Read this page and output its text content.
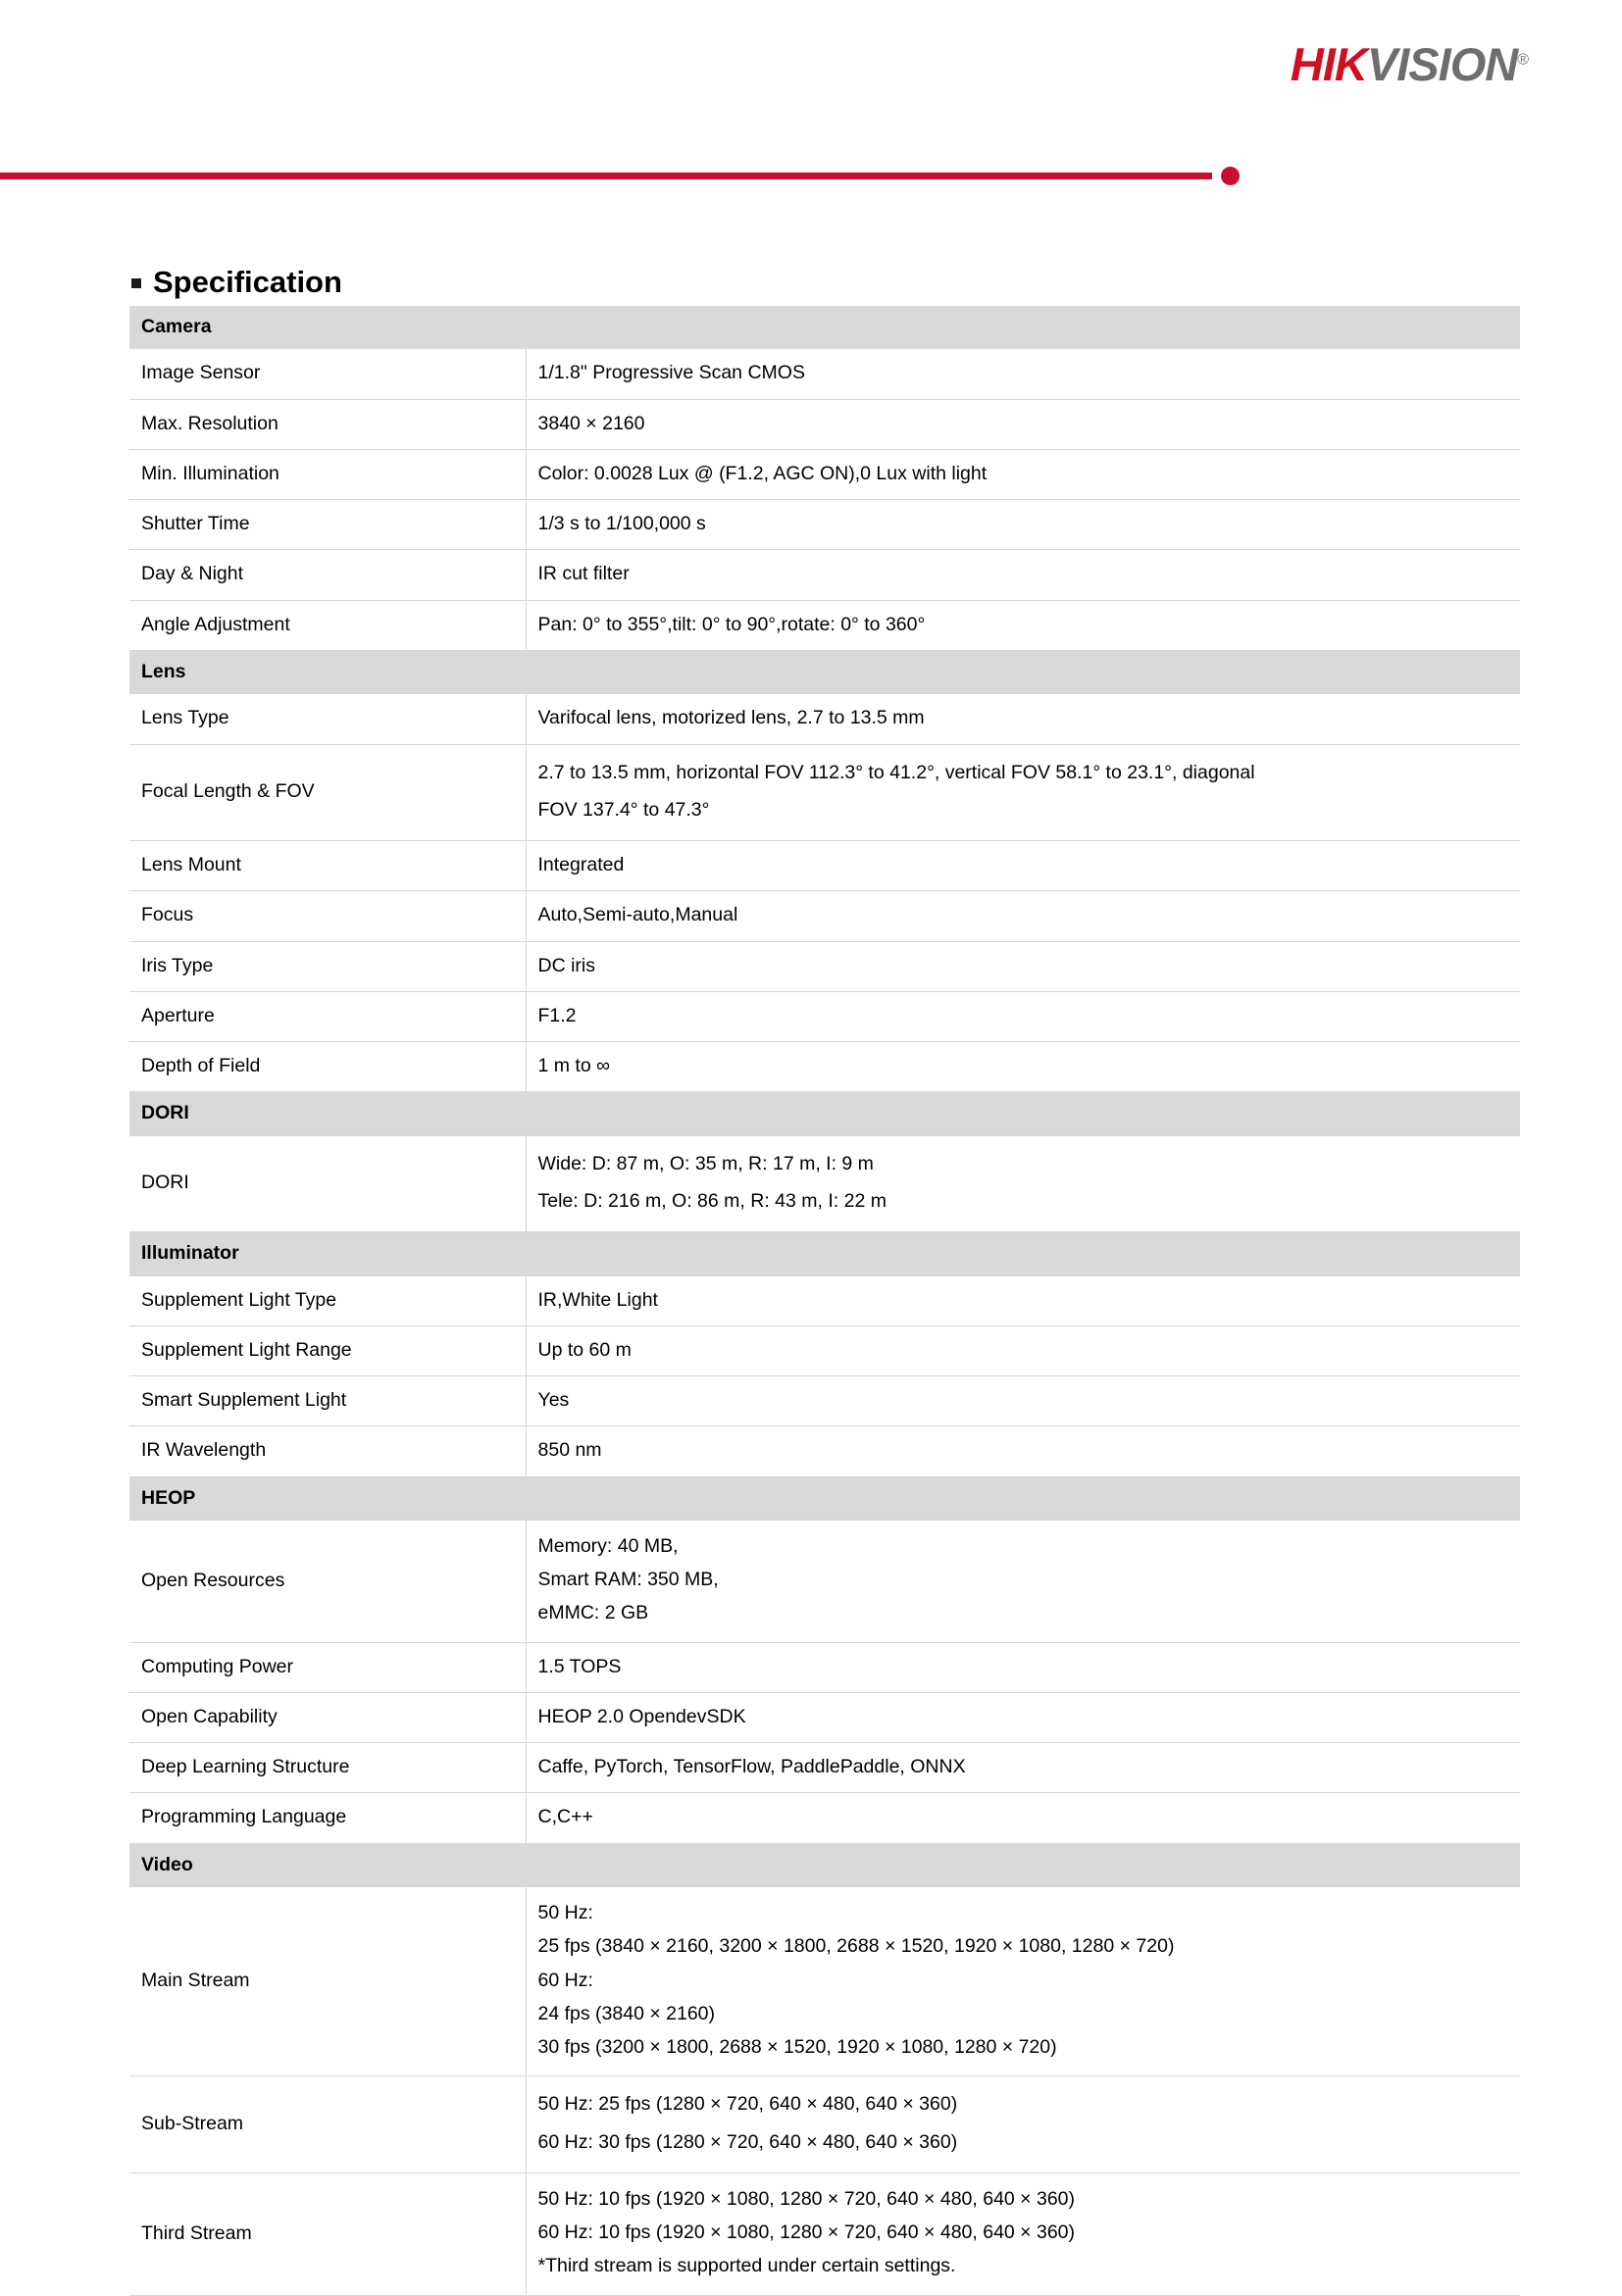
HIKVISION®
Specification
Camera	
Image Sensor	1/1.8" Progressive Scan CMOS
Max. Resolution	3840 × 2160
Min. Illumination	Color: 0.0028 Lux @ (F1.2, AGC ON),0 Lux with light
Shutter Time	1/3 s to 1/100,000 s
Day & Night	IR cut filter
Angle Adjustment	Pan: 0° to 355°,tilt: 0° to 90°,rotate: 0° to 360°
Lens	
Lens Type	Varifocal lens, motorized lens, 2.7 to 13.5 mm
Focal Length & FOV	2.7 to 13.5 mm, horizontal FOV 112.3° to 41.2°, vertical FOV 58.1° to 23.1°, diagonal
FOV 137.4° to 47.3°

Lens Mount	Integrated
Focus	Auto,Semi-auto,Manual
Iris Type	DC iris
Aperture	F1.2
Depth of Field	1 m to ∞
DORI	
DORI	Wide: D: 87 m, O: 35 m, R: 17 m, I: 9 m
Tele: D: 216 m, O: 86 m, R: 43 m, I: 22 m

Illuminator	
Supplement Light Type	IR,White Light
Supplement Light Range	Up to 60 m
Smart Supplement Light	Yes
IR Wavelength	850 nm
HEOP	
Open Resources	Memory: 40 MB,
Smart RAM: 350 MB,
eMMC: 2 GB

Computing Power	1.5 TOPS
Open Capability	HEOP 2.0 OpendevSDK
Deep Learning Structure	Caffe, PyTorch, TensorFlow, PaddlePaddle, ONNX
Programming Language	C,C++
Video	
Main Stream	50 Hz:
25 fps (3840 × 2160, 3200 × 1800, 2688 × 1520, 1920 × 1080, 1280 × 720)
60 Hz:
24 fps (3840 × 2160)
30 fps (3200 × 1800, 2688 × 1520, 1920 × 1080, 1280 × 720)

Sub-Stream	50 Hz: 25 fps (1280 × 720, 640 × 480, 640 × 360)
60 Hz: 30 fps (1280 × 720, 640 × 480, 640 × 360)

Third Stream	50 Hz: 10 fps (1920 × 1080, 1280 × 720, 640 × 480, 640 × 360)
60 Hz: 10 fps (1920 × 1080, 1280 × 720, 640 × 480, 640 × 360)
*Third stream is supported under certain settings.
